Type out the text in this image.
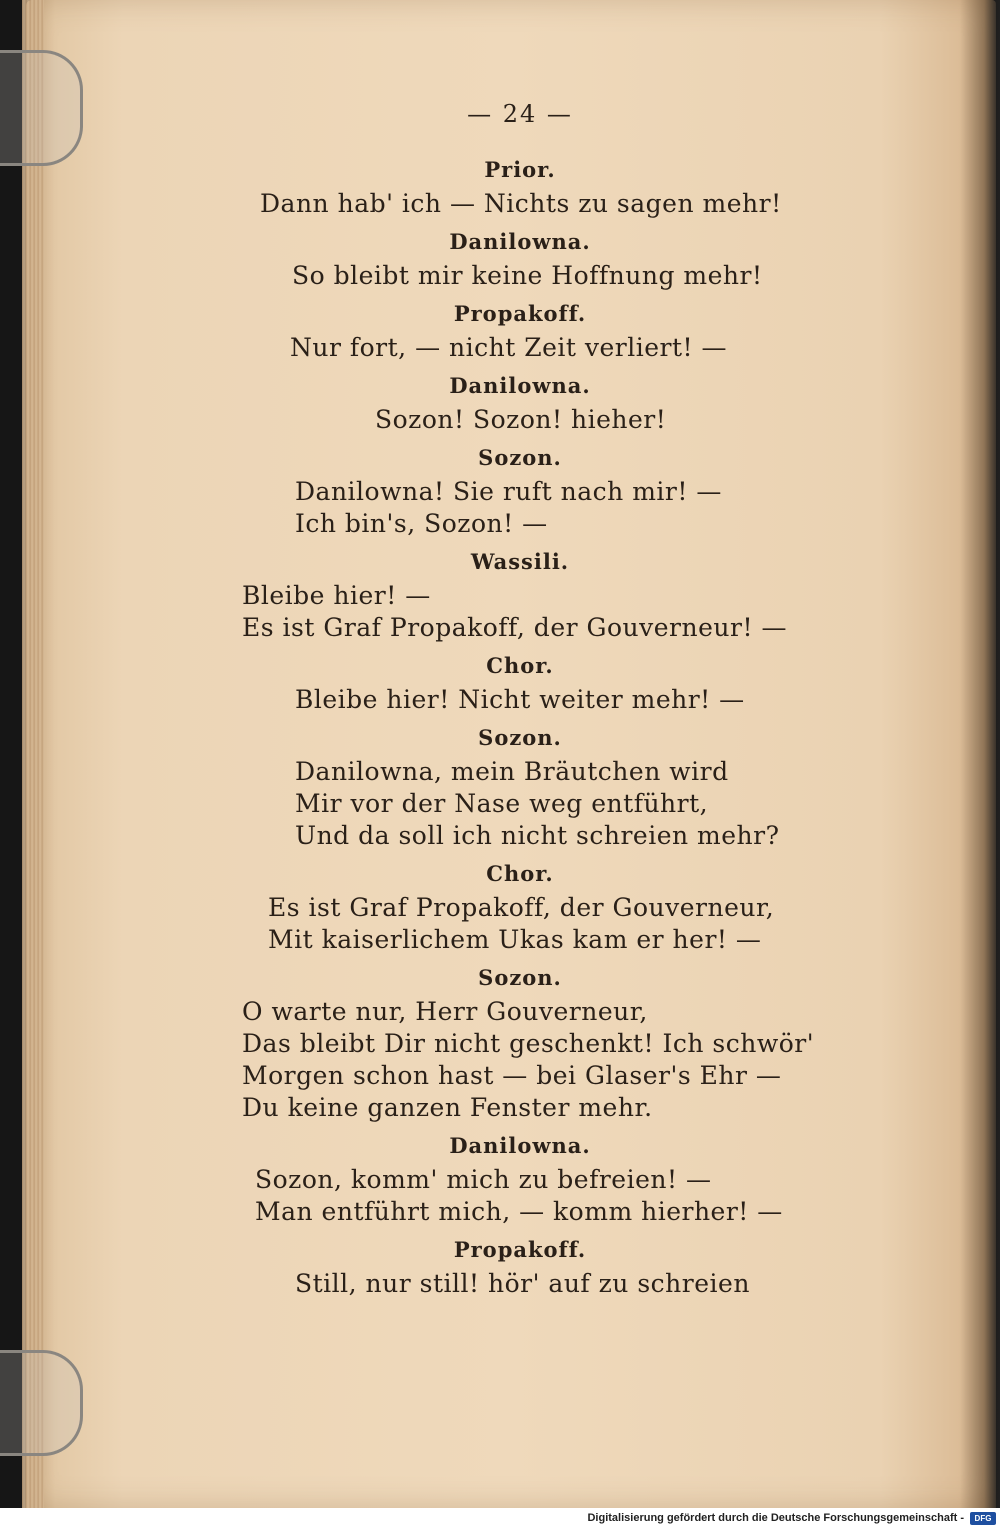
— 24 —
Prior.
Dann hab' ich — Nichts zu sagen mehr!
Danilowna.
So bleibt mir keine Hoffnung mehr!
Propakoff.
Nur fort, — nicht Zeit verliert! —
Danilowna.
Sozon! Sozon! hieher!
Sozon.
Danilowna! Sie ruft nach mir! —
Ich bin's, Sozon! —
Wassili.
Bleibe hier! —
Es ist Graf Propakoff, der Gouverneur! —
Chor.
Bleibe hier! Nicht weiter mehr! —
Sozon.
Danilowna, mein Bräutchen wird
Mir vor der Nase weg entführt,
Und da soll ich nicht schreien mehr?
Chor.
Es ist Graf Propakoff, der Gouverneur,
Mit kaiserlichem Ukas kam er her! —
Sozon.
O warte nur, Herr Gouverneur,
Das bleibt Dir nicht geschenkt! Ich schwör'
Morgen schon hast — bei Glaser's Ehr —
Du keine ganzen Fenster mehr.
Danilowna.
Sozon, komm' mich zu befreien! —
Man entführt mich, — komm hierher! —
Propakoff.
Still, nur still! hör' auf zu schreien
Digitalisierung gefördert durch die Deutsche Forschungsgemeinschaft -	DFG
